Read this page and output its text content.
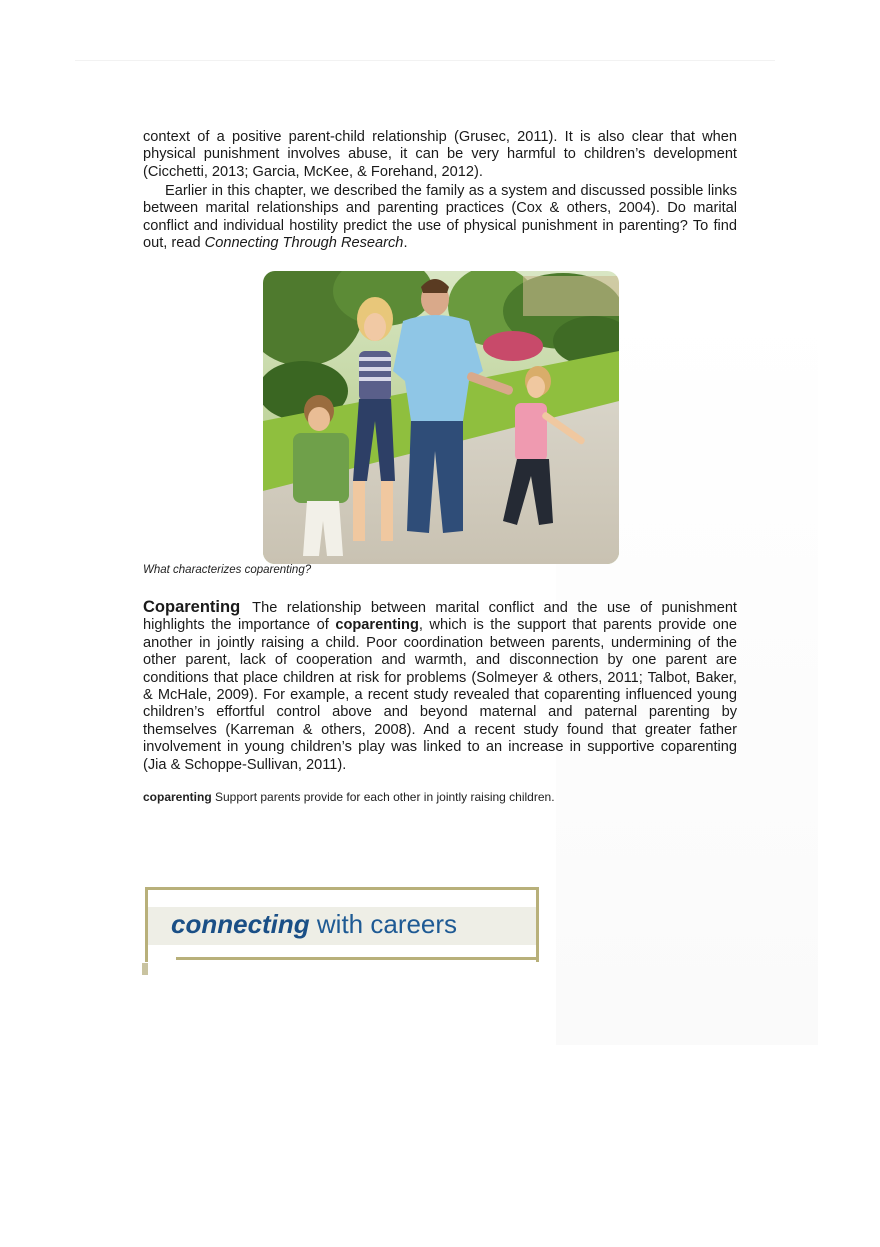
context of a positive parent-child relationship (Grusec, 2011). It is also clear that when physical punishment involves abuse, it can be very harmful to children’s development (Cicchetti, 2013; Garcia, McKee, & Forehand, 2012).

Earlier in this chapter, we described the family as a system and discussed possible links between marital relationships and parenting practices (Cox & others, 2004). Do marital conflict and individual hostility predict the use of physical punishment in parenting? To find out, read Connecting Through Research.

What characterizes coparenting?

Coparenting The relationship between marital conflict and the use of punishment highlights the importance of coparenting, which is the support that parents provide one another in jointly raising a child. Poor coordination between parents, undermining of the other parent, lack of cooperation and warmth, and disconnection by one parent are conditions that place children at risk for problems (Solmeyer & others, 2011; Talbot, Baker, & McHale, 2009). For example, a recent study revealed that coparenting influenced young children’s effortful control above and beyond maternal and paternal parenting by themselves (Karreman & others, 2008). And a recent study found that greater father involvement in young children’s play was linked to an increase in supportive coparenting (Jia & Schoppe-Sullivan, 2011).

coparenting Support parents provide for each other in jointly raising children.
connecting with careers
